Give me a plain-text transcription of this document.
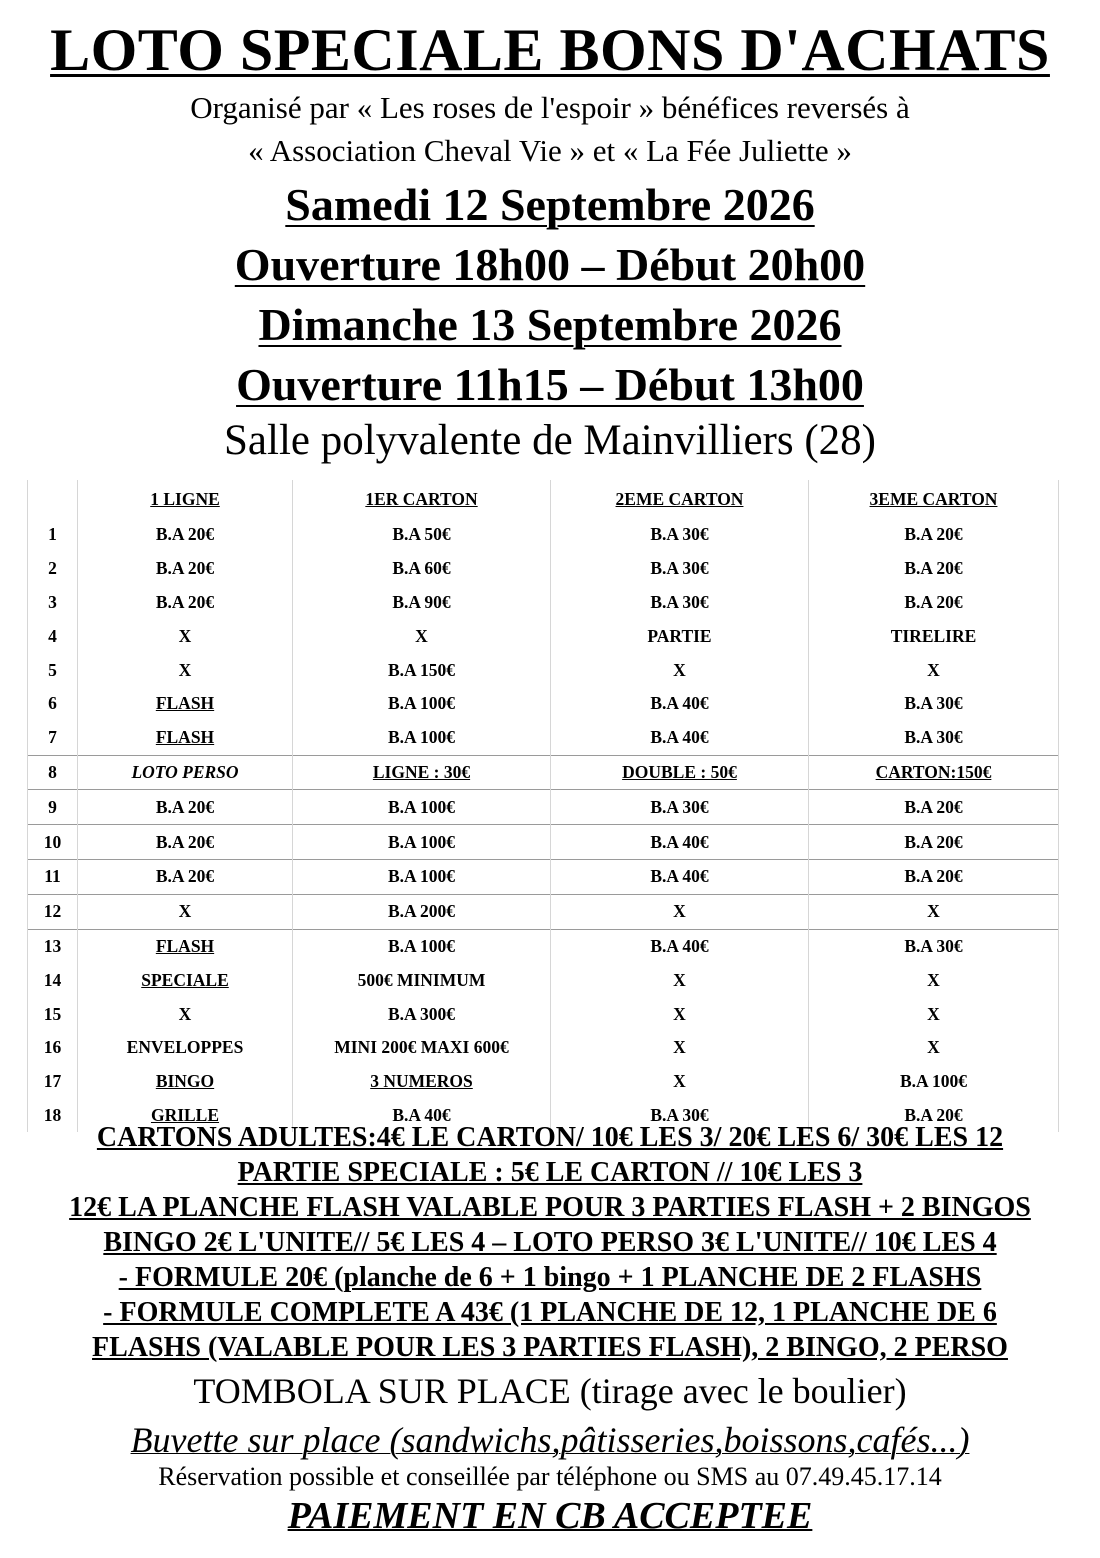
LOTO SPECIALE BONS D'ACHATS
Organisé par « Les roses de l'espoir » bénéfices reversés à
« Association Cheval Vie » et « La Fée Juliette »
Samedi 12 Septembre 2026
Ouverture 18h00 – Début 20h00
Dimanche 13 Septembre 2026
Ouverture 11h15 – Début 13h00
Salle polyvalente de Mainvilliers (28)
	1 LIGNE	1ER CARTON	2EME CARTON	3EME CARTON
1	B.A 20€	B.A 50€	B.A 30€	B.A 20€
2	B.A 20€	B.A 60€	B.A 30€	B.A 20€
3	B.A 20€	B.A 90€	B.A 30€	B.A 20€
4	X	X	PARTIE	TIRELIRE
5	X	B.A 150€	X	X
6	FLASH	B.A 100€	B.A 40€	B.A 30€
7	FLASH	B.A 100€	B.A 40€	B.A 30€
8	LOTO PERSO	LIGNE : 30€	DOUBLE : 50€	CARTON:150€
9	B.A 20€	B.A 100€	B.A 30€	B.A 20€
10	B.A 20€	B.A 100€	B.A 40€	B.A 20€
11	B.A 20€	B.A 100€	B.A 40€	B.A 20€
12	X	B.A 200€	X	X
13	FLASH	B.A 100€	B.A 40€	B.A 30€
14	SPECIALE	500€ MINIMUM	X	X
15	X	B.A 300€	X	X
16	ENVELOPPES	MINI 200€ MAXI 600€	X	X
17	BINGO	3 NUMEROS	X	B.A 100€
18	GRILLE	B.A 40€	B.A 30€	B.A 20€
CARTONS ADULTES:4€ LE CARTON/ 10€ LES 3/ 20€ LES 6/ 30€ LES 12
PARTIE SPECIALE : 5€ LE CARTON // 10€ LES 3
12€ LA PLANCHE FLASH VALABLE POUR 3 PARTIES FLASH + 2 BINGOS
BINGO 2€ L'UNITE// 5€ LES 4 – LOTO PERSO 3€ L'UNITE// 10€ LES 4
- FORMULE 20€ (planche de 6 + 1 bingo + 1 PLANCHE DE 2 FLASHS
- FORMULE COMPLETE A 43€ (1 PLANCHE DE 12, 1 PLANCHE DE 6
FLASHS (VALABLE POUR LES 3 PARTIES FLASH), 2 BINGO, 2 PERSO
TOMBOLA SUR PLACE (tirage avec le boulier)
Buvette sur place (sandwichs,pâtisseries,boissons,cafés...)
Réservation possible et conseillée par téléphone ou SMS au 07.49.45.17.14
PAIEMENT EN CB ACCEPTEE
